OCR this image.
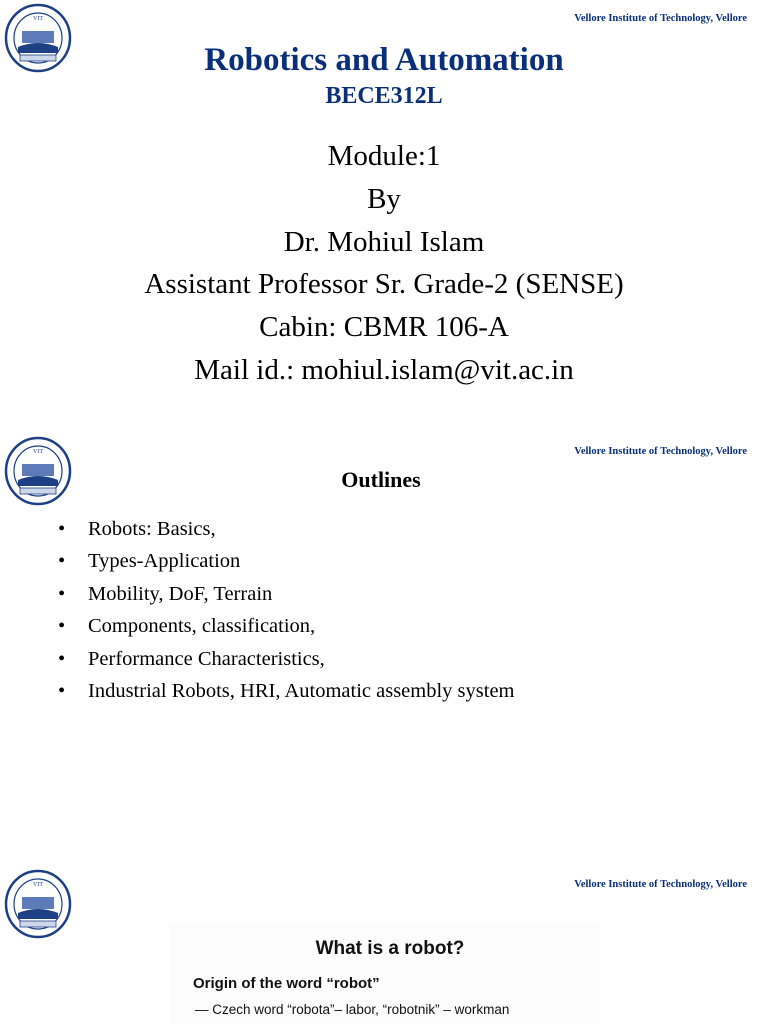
VIT	Vellore Institute of Technology, Vellore
Robotics and Automation
BECE312L
Module:1
By
Dr. Mohiul Islam
Assistant Professor Sr. Grade-2 (SENSE)
Cabin: CBMR 106-A
Mail id.: mohiul.islam@vit.ac.in
VIT	Vellore Institute of Technology, Vellore
Outlines
• Robots: Basics,
• Types-Application
• Mobility, DoF, Terrain
• Components, classification,
• Performance Characteristics,
• Industrial Robots, HRI, Automatic assembly system
VIT	Vellore Institute of Technology, Vellore
What is a robot?
Origin of the word “robot”
— Czech word “robota”– labor, “robotnik” – workman
